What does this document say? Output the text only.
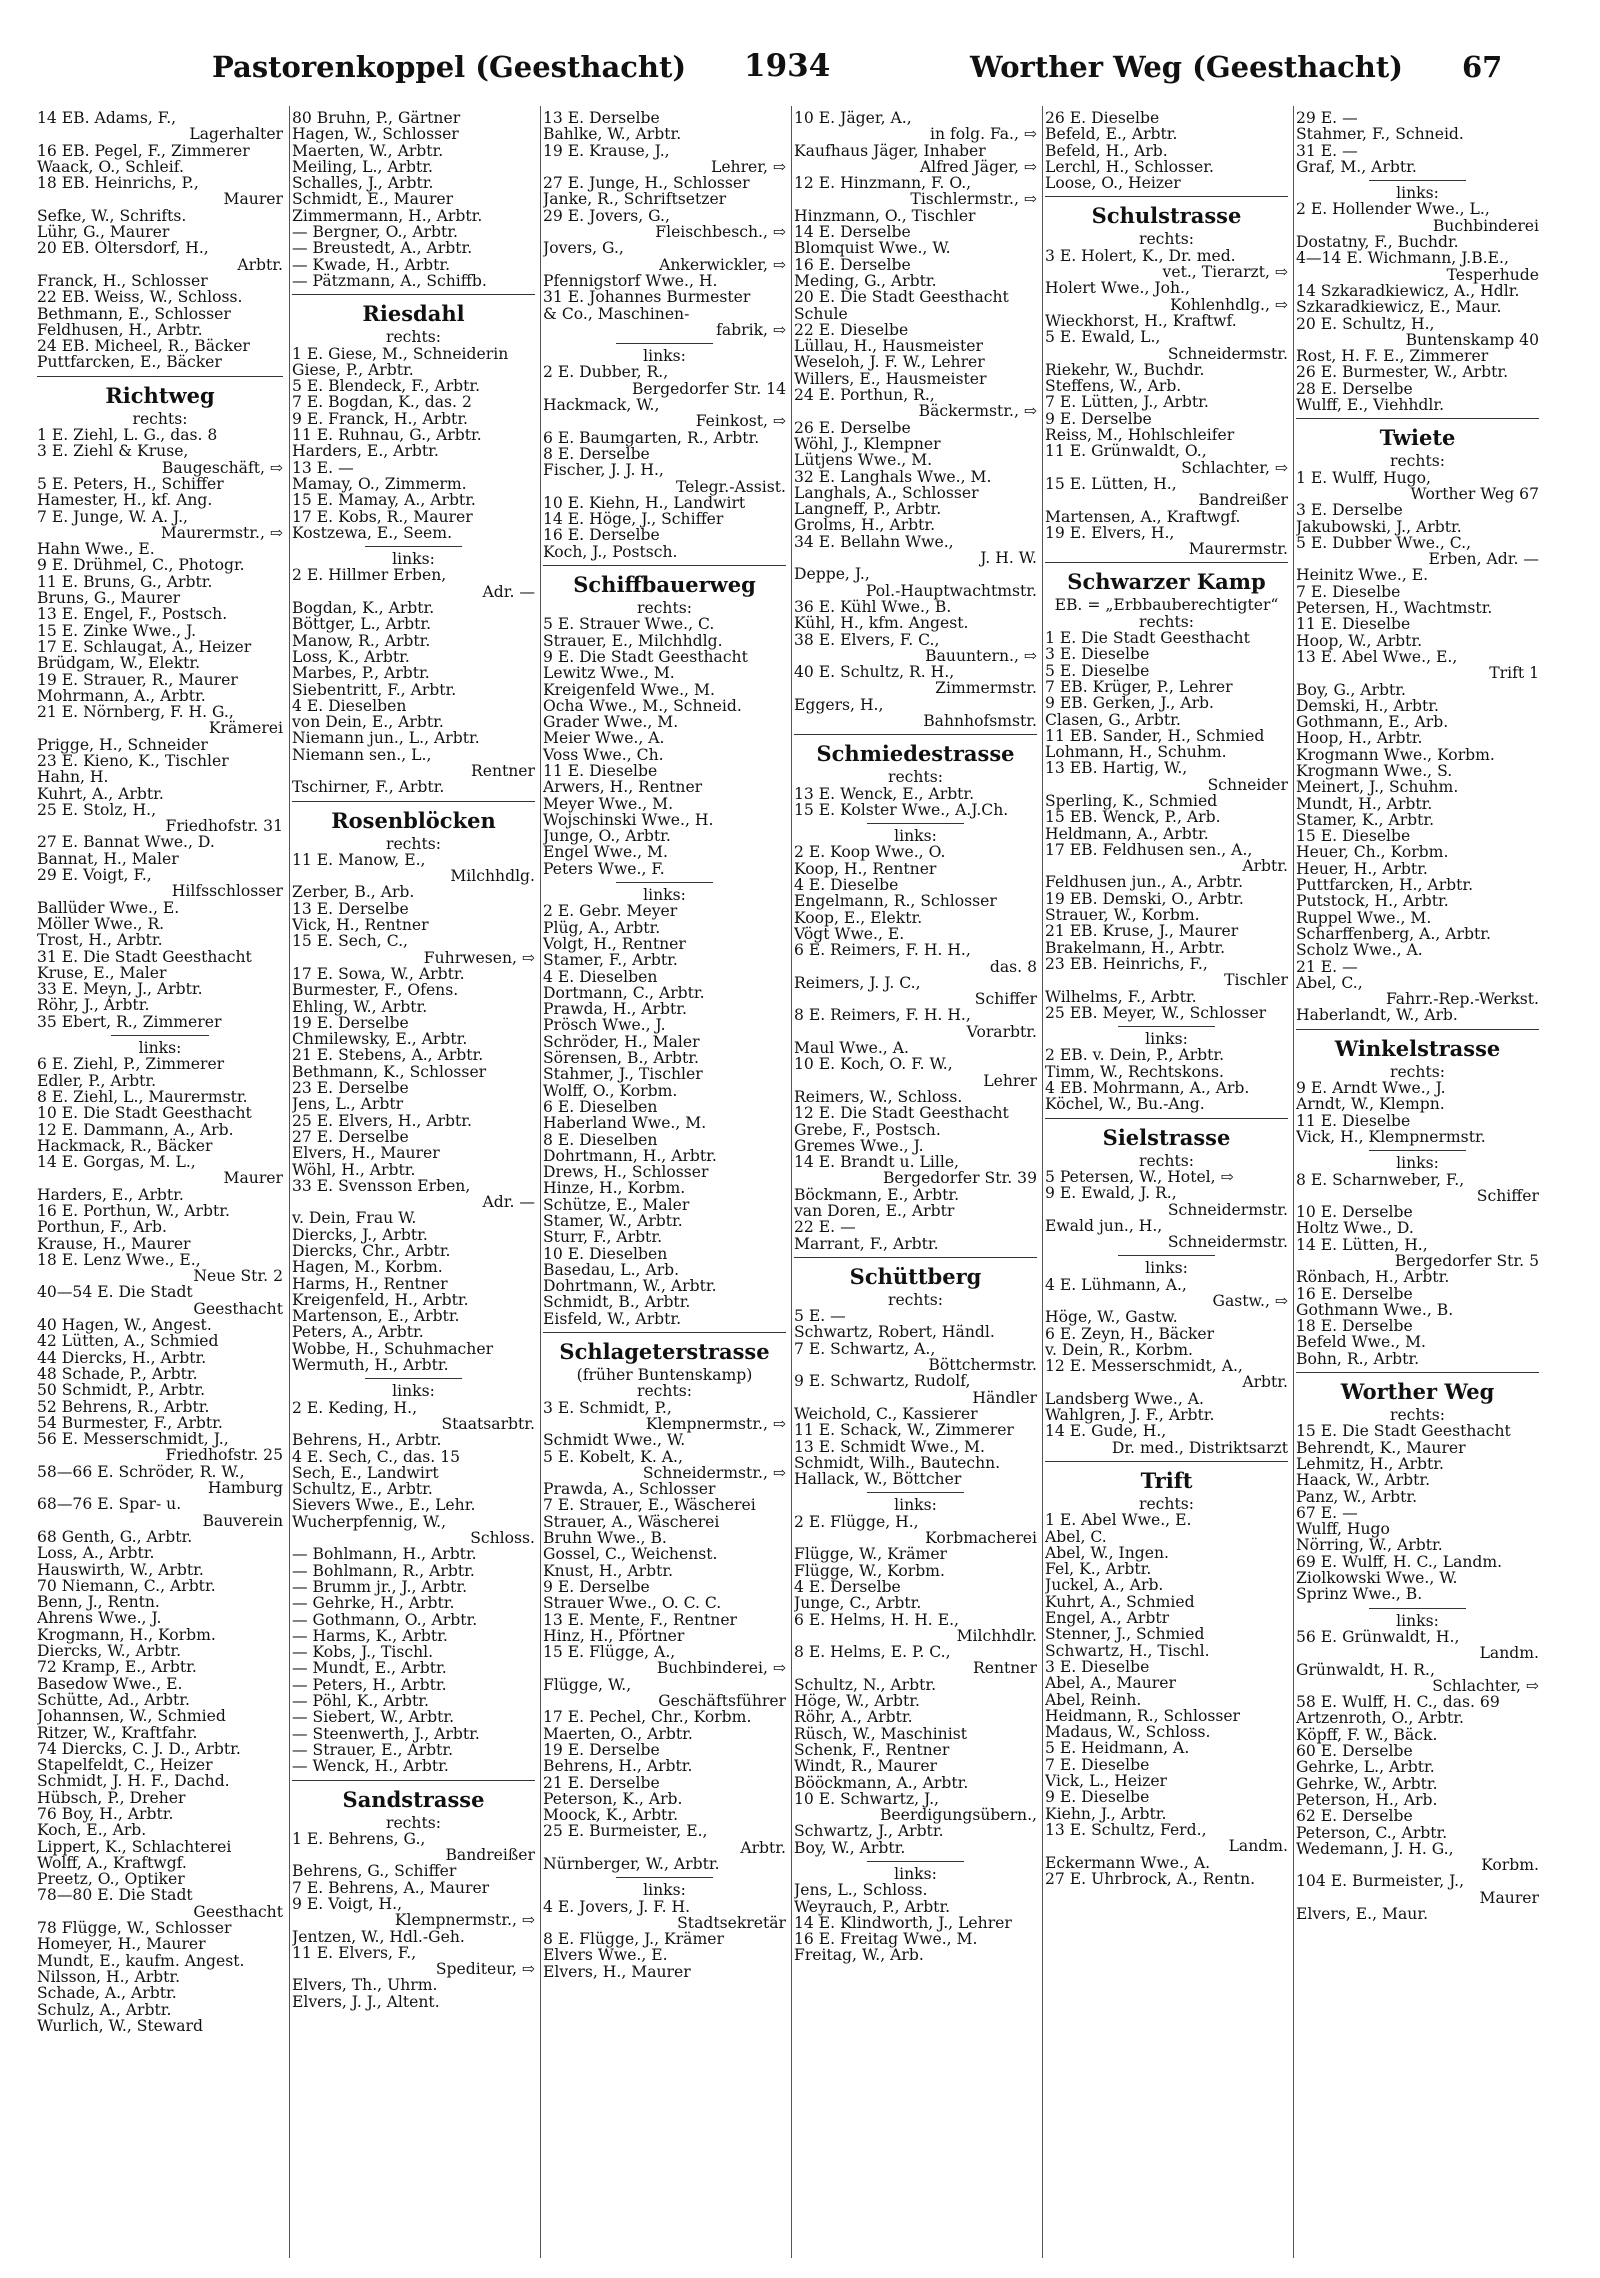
Pastorenkoppel (Geesthacht) 1934	Worther Weg (Geesthacht) 67
14 EB. Adams, F.,
Lagerhalter
16 EB. Pegel, F., Zimmerer
Waack, O., Schleif.
18 EB. Heinrichs, P.,
Maurer
Sefke, W., Schrifts.
Lühr, G., Maurer
20 EB. Oltersdorf, H.,
Arbtr.
Franck, H., Schlosser
22 EB. Weiss, W., Schloss.
Bethmann, E., Schlosser
Feldhusen, H., Arbtr.
24 EB. Micheel, R., Bäcker
Puttfarcken, E., Bäcker
Richtweg
rechts:
1 E. Ziehl, L. G., das. 8
3 E. Ziehl & Kruse,
Baugeschäft, ⇨
5 E. Peters, H., Schiffer
Hamester, H., kf. Ang.
7 E. Junge, W. A. J.,
Maurermstr., ⇨
Hahn Wwe., E.
9 E. Drühmel, C., Photogr.
11 E. Bruns, G., Arbtr.
Bruns, G., Maurer
13 E. Engel, F., Postsch.
15 E. Zinke Wwe., J.
17 E. Schlaugat, A., Heizer
Brüdgam, W., Elektr.
19 E. Strauer, R., Maurer
Mohrmann, A., Arbtr.
21 E. Nörnberg, F. H. G.,
Krämerei
Prigge, H., Schneider
23 E. Kieno, K., Tischler
Hahn, H.
Kuhrt, A., Arbtr.
25 E. Stolz, H.,
Friedhofstr. 31
27 E. Bannat Wwe., D.
Bannat, H., Maler
29 E. Voigt, F.,
Hilfsschlosser
Ballüder Wwe., E.
Möller Wwe., R.
Trost, H., Arbtr.
31 E. Die Stadt Geesthacht
Kruse, E., Maler
33 E. Meyn, J., Arbtr.
Röhr, J., Arbtr.
35 Ebert, R., Zimmerer
links:
6 E. Ziehl, P., Zimmerer
Edler, P., Arbtr.
8 E. Ziehl, L., Maurermstr.
10 E. Die Stadt Geesthacht
12 E. Dammann, A., Arb.
Hackmack, R., Bäcker
14 E. Gorgas, M. L.,
Maurer
Harders, E., Arbtr.
16 E. Porthun, W., Arbtr.
Porthun, F., Arb.
Krause, H., Maurer
18 E. Lenz Wwe., E.,
Neue Str. 2
40—54 E. Die Stadt
Geesthacht
40 Hagen, W., Angest.
42 Lütten, A., Schmied
44 Diercks, H., Arbtr.
48 Schade, P., Arbtr.
50 Schmidt, P., Arbtr.
52 Behrens, R., Arbtr.
54 Burmester, F., Arbtr.
56 E. Messerschmidt, J.,
Friedhofstr. 25
58—66 E. Schröder, R. W.,
Hamburg
68—76 E. Spar- u.
Bauverein
68 Genth, G., Arbtr.
Loss, A., Arbtr.
Hauswirth, W., Arbtr.
70 Niemann, C., Arbtr.
Benn, J., Rentn.
Ahrens Wwe., J.
Krogmann, H., Korbm.
Diercks, W., Arbtr.
72 Kramp, E., Arbtr.
Basedow Wwe., E.
Schütte, Ad., Arbtr.
Johannsen, W., Schmied
Ritzer, W., Kraftfahr.
74 Diercks, C. J. D., Arbtr.
Stapelfeldt, C., Heizer
Schmidt, J. H. F., Dachd.
Hübsch, P., Dreher
76 Boy, H., Arbtr.
Koch, E., Arb.
Lippert, K., Schlachterei
Wolff, A., Kraftwgf.
Preetz, O., Optiker
78—80 E. Die Stadt
Geesthacht
78 Flügge, W., Schlosser
Homeyer, H., Maurer
Mundt, E., kaufm. Angest.
Nilsson, H., Arbtr.
Schade, A., Arbtr.
Schulz, A., Arbtr.
Wurlich, W., Steward
80 Bruhn, P., Gärtner
Hagen, W., Schlosser
Maerten, W., Arbtr.
Meiling, L., Arbtr.
Schalles, J., Arbtr.
Schmidt, E., Maurer
Zimmermann, H., Arbtr.
— Bergner, O., Arbtr.
— Breustedt, A., Arbtr.
— Kwade, H., Arbtr.
— Pätzmann, A., Schiffb.
Riesdahl
rechts:
1 E. Giese, M., Schneiderin
Giese, P., Arbtr.
5 E. Blendeck, F., Arbtr.
7 E. Bogdan, K., das. 2
9 E. Franck, H., Arbtr.
11 E. Ruhnau, G., Arbtr.
Harders, E., Arbtr.
13 E. —
Mamay, O., Zimmerm.
15 E. Mamay, A., Arbtr.
17 E. Kobs, R., Maurer
Kostzewa, E., Seem.
links:
2 E. Hillmer Erben,
Adr. —
Bogdan, K., Arbtr.
Böttger, L., Arbtr.
Manow, R., Arbtr.
Loss, K., Arbtr.
Marbes, P., Arbtr.
Siebentritt, F., Arbtr.
4 E. Dieselben
von Dein, E., Arbtr.
Niemann jun., L., Arbtr.
Niemann sen., L.,
Rentner
Tschirner, F., Arbtr.
Rosenblöcken
rechts:
11 E. Manow, E.,
Milchhdlg.
Zerber, B., Arb.
13 E. Derselbe
Vick, H., Rentner
15 E. Sech, C.,
Fuhrwesen, ⇨
17 E. Sowa, W., Arbtr.
Burmester, F., Ofens.
Ehling, W., Arbtr.
19 E. Derselbe
Chmilewsky, E., Arbtr.
21 E. Stebens, A., Arbtr.
Bethmann, K., Schlosser
23 E. Derselbe
Jens, L., Arbtr
25 E. Elvers, H., Arbtr.
27 E. Derselbe
Elvers, H., Maurer
Wöhl, H., Arbtr.
33 E. Svensson Erben,
Adr. —
v. Dein, Frau W.
Diercks, J., Arbtr.
Diercks, Chr., Arbtr.
Hagen, M., Korbm.
Harms, H., Rentner
Kreigenfeld, H., Arbtr.
Martenson, E., Arbtr.
Peters, A., Arbtr.
Wobbe, H., Schuhmacher
Wermuth, H., Arbtr.
links:
2 E. Keding, H.,
Staatsarbtr.
Behrens, H., Arbtr.
4 E. Sech, C., das. 15
Sech, E., Landwirt
Schultz, E., Arbtr.
Sievers Wwe., E., Lehr.
Wucherpfennig, W.,
Schloss.
— Bohlmann, H., Arbtr.
— Bohlmann, R., Arbtr.
— Brumm jr., J., Arbtr.
— Gehrke, H., Arbtr.
— Gothmann, O., Arbtr.
— Harms, K., Arbtr.
— Kobs, J., Tischl.
— Mundt, E., Arbtr.
— Peters, H., Arbtr.
— Pöhl, K., Arbtr.
— Siebert, W., Arbtr.
— Steenwerth, J., Arbtr.
— Strauer, E., Arbtr.
— Wenck, H., Arbtr.
Sandstrasse
rechts:
1 E. Behrens, G.,
Bandreißer
Behrens, G., Schiffer
7 E. Behrens, A., Maurer
9 E. Voigt, H.,
Klempnermstr., ⇨
Jentzen, W., Hdl.-Geh.
11 E. Elvers, F.,
Spediteur, ⇨
Elvers, Th., Uhrm.
Elvers, J. J., Altent.
13 E. Derselbe
Bahlke, W., Arbtr.
19 E. Krause, J.,
Lehrer, ⇨
27 E. Junge, H., Schlosser
Janke, R., Schriftsetzer
29 E. Jovers, G.,
Fleischbesch., ⇨
Jovers, G.,
Ankerwickler, ⇨
Pfennigstorf Wwe., H.
31 E. Johannes Burmester
& Co., Maschinen-
fabrik, ⇨
links:
2 E. Dubber, R.,
Bergedorfer Str. 14
Hackmack, W.,
Feinkost, ⇨
6 E. Baumgarten, R., Arbtr.
8 E. Derselbe
Fischer, J. J. H.,
Telegr.-Assist.
10 E. Kiehn, H., Landwirt
14 E. Höge, J., Schiffer
16 E. Derselbe
Koch, J., Postsch.
Schiffbauerweg
rechts:
5 E. Strauer Wwe., C.
Strauer, E., Milchhdlg.
9 E. Die Stadt Geesthacht
Lewitz Wwe., M.
Kreigenfeld Wwe., M.
Ocha Wwe., M., Schneid.
Grader Wwe., M.
Meier Wwe., A.
Voss Wwe., Ch.
11 E. Dieselbe
Arwers, H., Rentner
Meyer Wwe., M.
Wojschinski Wwe., H.
Junge, O., Arbtr.
Engel Wwe., M.
Peters Wwe., F.
links:
2 E. Gebr. Meyer
Plüg, A., Arbtr.
Volgt, H., Rentner
Stamer, F., Arbtr.
4 E. Dieselben
Dortmann, C., Arbtr.
Prawda, H., Arbtr.
Prösch Wwe., J.
Schröder, H., Maler
Sörensen, B., Arbtr.
Stahmer, J., Tischler
Wolff, O., Korbm.
6 E. Dieselben
Haberland Wwe., M.
8 E. Dieselben
Dohrtmann, H., Arbtr.
Drews, H., Schlosser
Hinze, H., Korbm.
Schütze, E., Maler
Stamer, W., Arbtr.
Sturr, F., Arbtr.
10 E. Dieselben
Basedau, L., Arb.
Dohrtmann, W., Arbtr.
Schmidt, B., Arbtr.
Eisfeld, W., Arbtr.
Schlageterstrasse
(früher Buntenskamp)
rechts:
3 E. Schmidt, P.,
Klempnermstr., ⇨
Schmidt Wwe., W.
5 E. Kobelt, K. A.,
Schneidermstr., ⇨
Prawda, A., Schlosser
7 E. Strauer, E., Wäscherei
Strauer, A., Wäscherei
Bruhn Wwe., B.
Gossel, C., Weichenst.
Knust, H., Arbtr.
9 E. Derselbe
Strauer Wwe., O. C. C.
13 E. Mente, F., Rentner
Hinz, H., Pförtner
15 E. Flügge, A.,
Buchbinderei, ⇨
Flügge, W.,
Geschäftsführer
17 E. Pechel, Chr., Korbm.
Maerten, O., Arbtr.
19 E. Derselbe
Behrens, H., Arbtr.
21 E. Derselbe
Peterson, K., Arb.
Moock, K., Arbtr.
25 E. Burmeister, E.,
Arbtr.
Nürnberger, W., Arbtr.
links:
4 E. Jovers, J. F. H.
Stadtsekretär
8 E. Flügge, J., Krämer
Elvers Wwe., E.
Elvers, H., Maurer
10 E. Jäger, A.,
in folg. Fa., ⇨
Kaufhaus Jäger, Inhaber
Alfred Jäger, ⇨
12 E. Hinzmann, F. O.,
Tischlermstr., ⇨
Hinzmann, O., Tischler
14 E. Derselbe
Blomquist Wwe., W.
16 E. Derselbe
Meding, G., Arbtr.
20 E. Die Stadt Geesthacht
Schule
22 E. Dieselbe
Lüllau, H., Hausmeister
Weseloh, J. F. W., Lehrer
Willers, E., Hausmeister
24 E. Porthun, R.,
Bäckermstr., ⇨
26 E. Derselbe
Wöhl, J., Klempner
Lütjens Wwe., M.
32 E. Langhals Wwe., M.
Langhals, A., Schlosser
Langneff, P., Arbtr.
Grolms, H., Arbtr.
34 E. Bellahn Wwe.,
J. H. W.
Deppe, J.,
Pol.-Hauptwachtmstr.
36 E. Kühl Wwe., B.
Kühl, H., kfm. Angest.
38 E. Elvers, F. C.,
Bauuntern., ⇨
40 E. Schultz, R. H.,
Zimmermstr.
Eggers, H.,
Bahnhofsmstr.
Schmiedestrasse
rechts:
13 E. Wenck, E., Arbtr.
15 E. Kolster Wwe., A.J.Ch.
links:
2 E. Koop Wwe., O.
Koop, H., Rentner
4 E. Dieselbe
Engelmann, R., Schlosser
Koop, E., Elektr.
Vögt Wwe., E.
6 E. Reimers, F. H. H.,
das. 8
Reimers, J. J. C.,
Schiffer
8 E. Reimers, F. H. H.,
Vorarbtr.
Maul Wwe., A.
10 E. Koch, O. F. W.,
Lehrer
Reimers, W., Schloss.
12 E. Die Stadt Geesthacht
Grebe, F., Postsch.
Gremes Wwe., J.
14 E. Brandt u. Lille,
Bergedorfer Str. 39
Böckmann, E., Arbtr.
van Doren, E., Arbtr
22 E. —
Marrant, F., Arbtr.
Schüttberg
rechts:
5 E. —
Schwartz, Robert, Händl.
7 E. Schwartz, A.,
Böttchermstr.
9 E. Schwartz, Rudolf,
Händler
Weichold, C., Kassierer
11 E. Schack, W., Zimmerer
13 E. Schmidt Wwe., M.
Schmidt, Wilh., Bautechn.
Hallack, W., Böttcher
links:
2 E. Flügge, H.,
Korbmacherei
Flügge, W., Krämer
Flügge, W., Korbm.
4 E. Derselbe
Junge, C., Arbtr.
6 E. Helms, H. H. E.,
Milchhdlr.
8 E. Helms, E. P. C.,
Rentner
Schultz, N., Arbtr.
Höge, W., Arbtr.
Röhr, A., Arbtr.
Rüsch, W., Maschinist
Schenk, F., Rentner
Windt, R., Maurer
Bööckmann, A., Arbtr.
10 E. Schwartz, J.,
Beerdigungsübern.,
Schwartz, J., Arbtr.
Boy, W., Arbtr.
links:
Jens, L., Schloss.
Weyrauch, P., Arbtr.
14 E. Klindworth, J., Lehrer
16 E. Freitag Wwe., M.
Freitag, W., Arb.
26 E. Dieselbe
Befeld, E., Arbtr.
Befeld, H., Arb.
Lerchl, H., Schlosser.
Loose, O., Heizer
Schulstrasse
rechts:
3 E. Holert, K., Dr. med.
vet., Tierarzt, ⇨
Holert Wwe., Joh.,
Kohlenhdlg., ⇨
Wieckhorst, H., Kraftwf.
5 E. Ewald, L.,
Schneidermstr.
Riekehr, W., Buchdr.
Steffens, W., Arb.
7 E. Lütten, J., Arbtr.
9 E. Derselbe
Reiss, M., Hohlschleifer
11 E. Grünwaldt, O.,
Schlachter, ⇨
15 E. Lütten, H.,
Bandreißer
Martensen, A., Kraftwgf.
19 E. Elvers, H.,
Maurermstr.
Schwarzer Kamp
EB. = „Erbbauberechtigter“
rechts:
1 E. Die Stadt Geesthacht
3 E. Dieselbe
5 E. Dieselbe
7 EB. Krüger, P., Lehrer
9 EB. Gerken, J., Arb.
Clasen, G., Arbtr.
11 EB. Sander, H., Schmied
Lohmann, H., Schuhm.
13 EB. Hartig, W.,
Schneider
Sperling, K., Schmied
15 EB. Wenck, P., Arb.
Heldmann, A., Arbtr.
17 EB. Feldhusen sen., A.,
Arbtr.
Feldhusen jun., A., Arbtr.
19 EB. Demski, O., Arbtr.
Strauer, W., Korbm.
21 EB. Kruse, J., Maurer
Brakelmann, H., Arbtr.
23 EB. Heinrichs, F.,
Tischler
Wilhelms, F., Arbtr.
25 EB. Meyer, W., Schlosser
links:
2 EB. v. Dein, P., Arbtr.
Timm, W., Rechtskons.
4 EB. Mohrmann, A., Arb.
Köchel, W., Bu.-Ang.
Sielstrasse
rechts:
5 Petersen, W., Hotel, ⇨
9 E. Ewald, J. R.,
Schneidermstr.
Ewald jun., H.,
Schneidermstr.
links:
4 E. Lühmann, A.,
Gastw., ⇨
Höge, W., Gastw.
6 E. Zeyn, H., Bäcker
v. Dein, R., Korbm.
12 E. Messerschmidt, A.,
Arbtr.
Landsberg Wwe., A.
Wahlgren, J. F., Arbtr.
14 E. Gude, H.,
Dr. med., Distriktsarzt
Trift
rechts:
1 E. Abel Wwe., E.
Abel, C.
Abel, W., Ingen.
Fel, K., Arbtr.
Juckel, A., Arb.
Kuhrt, A., Schmied
Engel, A., Arbtr
Stenner, J., Schmied
Schwartz, H., Tischl.
3 E. Dieselbe
Abel, A., Maurer
Abel, Reinh.
Heidmann, R., Schlosser
Madaus, W., Schloss.
5 E. Heidmann, A.
7 E. Dieselbe
Vick, L., Heizer
9 E. Dieselbe
Kiehn, J., Arbtr.
13 E. Schultz, Ferd.,
Landm.
Eckermann Wwe., A.
27 E. Uhrbrock, A., Rentn.
29 E. —
Stahmer, F., Schneid.
31 E. —
Graf, M., Arbtr.
links:
2 E. Hollender Wwe., L.,
Buchbinderei
Dostatny, F., Buchdr.
4—14 E. Wichmann, J.B.E.,
Tesperhude
14 Szkaradkiewicz, A., Hdlr.
Szkaradkiewicz, E., Maur.
20 E. Schultz, H.,
Buntenskamp 40
Rost, H. F. E., Zimmerer
26 E. Burmester, W., Arbtr.
28 E. Derselbe
Wulff, E., Viehhdlr.
Twiete
rechts:
1 E. Wulff, Hugo,
Worther Weg 67
3 E. Derselbe
Jakubowski, J., Arbtr.
5 E. Dubber Wwe., C.,
Erben, Adr. —
Heinitz Wwe., E.
7 E. Dieselbe
Petersen, H., Wachtmstr.
11 E. Dieselbe
Hoop, W., Arbtr.
13 E. Abel Wwe., E.,
Trift 1
Boy, G., Arbtr.
Demski, H., Arbtr.
Gothmann, E., Arb.
Hoop, H., Arbtr.
Krogmann Wwe., Korbm.
Krogmann Wwe., S.
Meinert, J., Schuhm.
Mundt, H., Arbtr.
Stamer, K., Arbtr.
15 E. Dieselbe
Heuer, Ch., Korbm.
Heuer, H., Arbtr.
Puttfarcken, H., Arbtr.
Putstock, H., Arbtr.
Ruppel Wwe., M.
Scharffenberg, A., Arbtr.
Scholz Wwe., A.
21 E. —
Abel, C.,
Fahrr.-Rep.-Werkst.
Haberlandt, W., Arb.
Winkelstrasse
rechts:
9 E. Arndt Wwe., J.
Arndt, W., Klempn.
11 E. Dieselbe
Vick, H., Klempnermstr.
links:
8 E. Scharnweber, F.,
Schiffer
10 E. Derselbe
Holtz Wwe., D.
14 E. Lütten, H.,
Bergedorfer Str. 5
Rönbach, H., Arbtr.
16 E. Derselbe
Gothmann Wwe., B.
18 E. Derselbe
Befeld Wwe., M.
Bohn, R., Arbtr.
Worther Weg
rechts:
15 E. Die Stadt Geesthacht
Behrendt, K., Maurer
Lehmitz, H., Arbtr.
Haack, W., Arbtr.
Panz, W., Arbtr.
67 E. —
Wulff, Hugo
Nörring, W., Arbtr.
69 E. Wulff, H. C., Landm.
Ziolkowski Wwe., W.
Sprinz Wwe., B.
links:
56 E. Grünwaldt, H.,
Landm.
Grünwaldt, H. R.,
Schlachter, ⇨
58 E. Wulff, H. C., das. 69
Artzenroth, O., Arbtr.
Köpff, F. W., Bäck.
60 E. Derselbe
Gehrke, L., Arbtr.
Gehrke, W., Arbtr.
Peterson, H., Arb.
62 E. Derselbe
Peterson, C., Arbtr.
Wedemann, J. H. G.,
Korbm.
104 E. Burmeister, J.,
Maurer
Elvers, E., Maur.
